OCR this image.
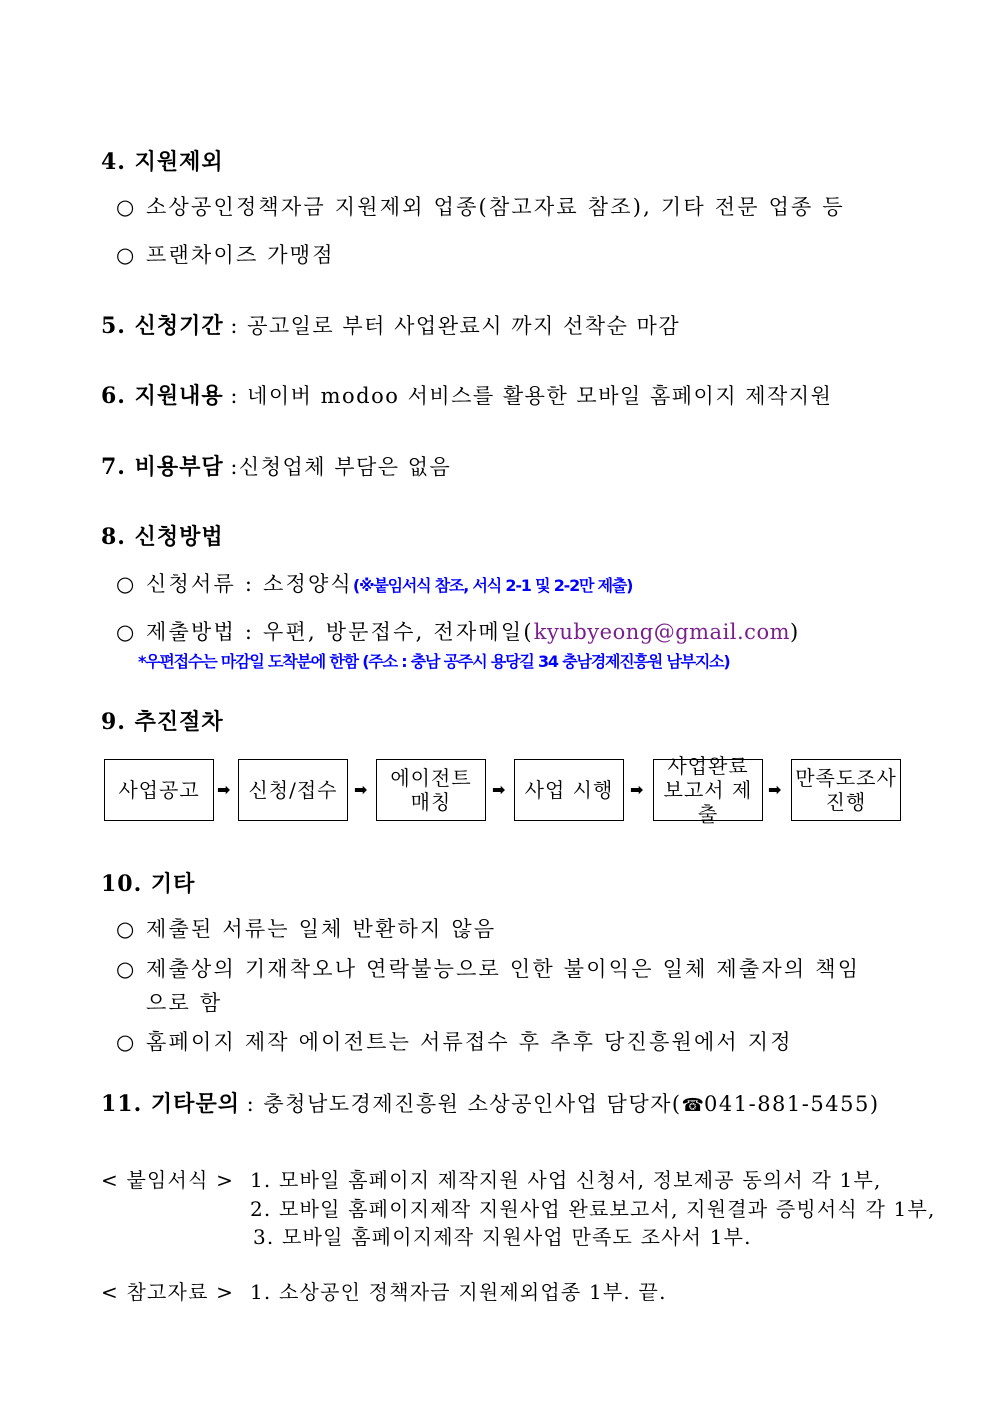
4. 지원제외
○ 소상공인정책자금 지원제외 업종(참고자료 참조), 기타 전문 업종 등
○ 프랜차이즈 가맹점
5. 신청기간 : 공고일로 부터 사업완료시 까지 선착순 마감
6. 지원내용 : 네이버 modoo 서비스를 활용한 모바일 홈페이지 제작지원
7. 비용부담 :신청업체 부담은 없음
8. 신청방법
○ 신청서류 : 소정양식(※붙임서식 참조, 서식 2-1 및 2-2만 제출)
○ 제출방법 : 우편, 방문접수, 전자메일(kyubyeong@gmail.com)
*우편접수는 마감일 도착분에 한함 (주소 : 충남 공주시 용당길 34 충남경제진흥원 남부지소)
9. 추진절차
사업공고 ➡ 신청/접수 ➡ 에이전트
매칭
➡ 사업 시행 ➡
사업완료
보고서 제출
➡ 만족도조사
진행
10. 기타
○ 제출된 서류는 일체 반환하지 않음
○ 제출상의 기재착오나 연락불능으로 인한 불이익은 일체 제출자의 책임
으로 함
○ 홈페이지 제작 에이전트는 서류접수 후 추후 당진흥원에서 지정
11. 기타문의 : 충청남도경제진흥원 소상공인사업 담당자(☎041-881-5455)
< 붙임서식 > 1. 모바일 홈페이지 제작지원 사업 신청서, 정보제공 동의서 각 1부,
2. 모바일 홈페이지제작 지원사업 완료보고서, 지원결과 증빙서식 각 1부,
3. 모바일 홈페이지제작 지원사업 만족도 조사서 1부.
< 참고자료 > 1. 소상공인 정책자금 지원제외업종 1부. 끝.
